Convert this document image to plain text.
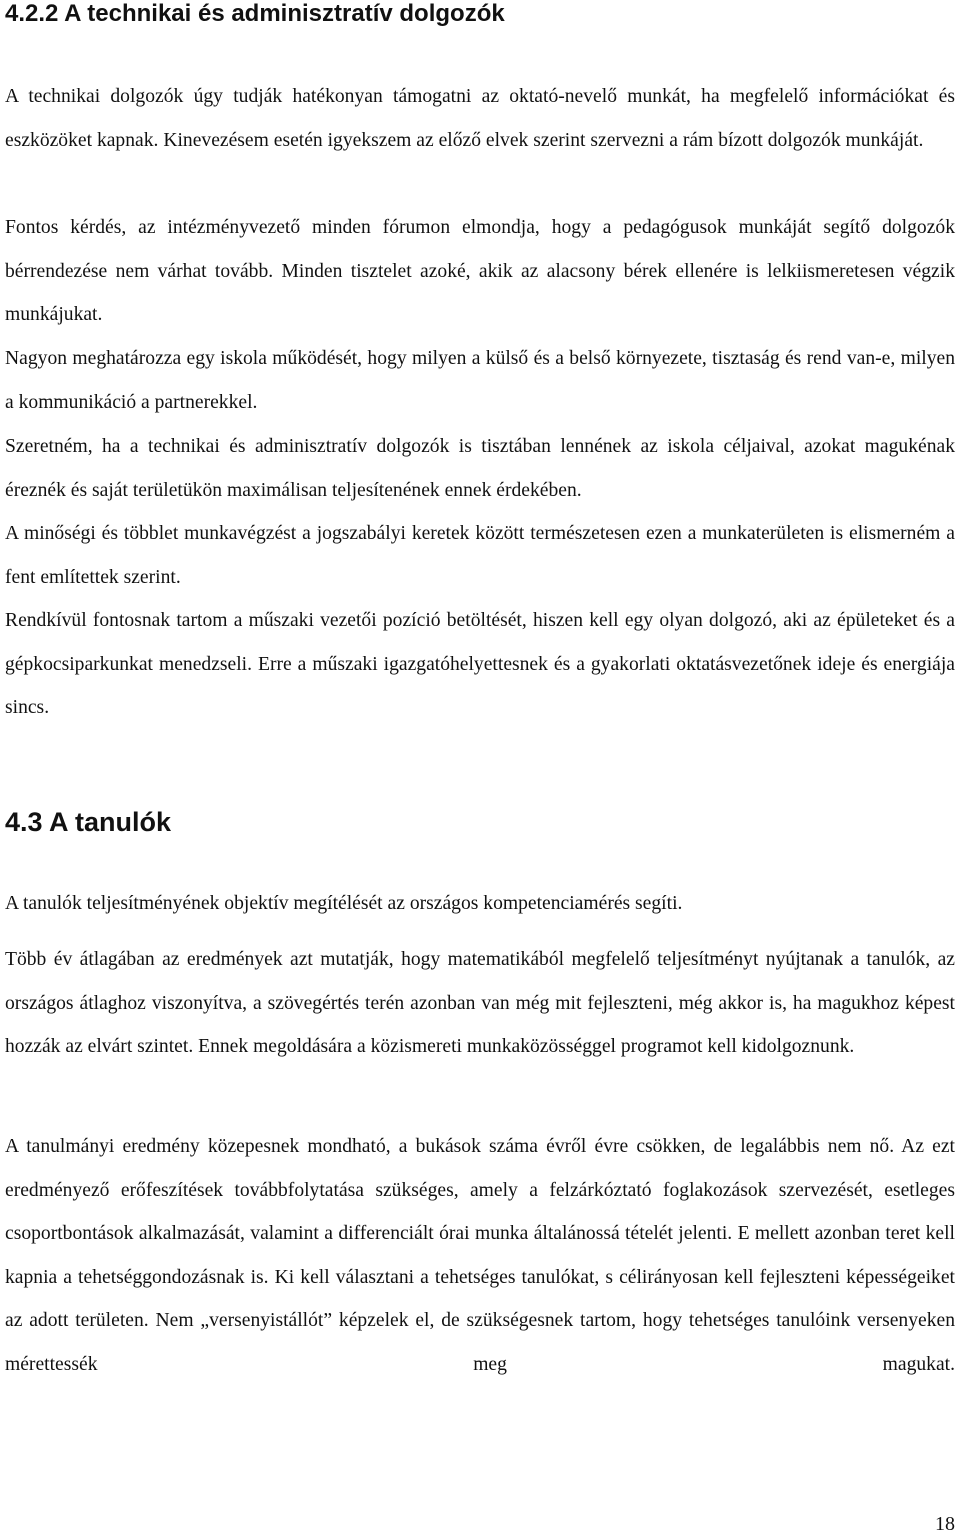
4.2.2 A technikai és adminisztratív dolgozók

A technikai dolgozók úgy tudják hatékonyan támogatni az oktató-nevelő munkát, ha megfelelő információkat és eszközöket kapnak. Kinevezésem esetén igyekszem az előző elvek szerint szervezni a rám bízott dolgozók munkáját.

Fontos kérdés, az intézményvezető minden fórumon elmondja, hogy a pedagógusok munkáját segítő dolgozók bérrendezése nem várhat tovább. Minden tisztelet azoké, akik az alacsony bérek ellenére is lelkiismeretesen végzik munkájukat.

Nagyon meghatározza egy iskola működését, hogy milyen a külső és a belső környezete, tisztaság és rend van-e, milyen a kommunikáció a partnerekkel.

Szeretném, ha a technikai és adminisztratív dolgozók is tisztában lennének az iskola céljaival, azokat magukénak éreznék és saját területükön maximálisan teljesítenének ennek érdekében.

A minőségi és többlet munkavégzést a jogszabályi keretek között természetesen ezen a munkaterületen is elismerném a fent említettek szerint.

Rendkívül fontosnak tartom a műszaki vezetői pozíció betöltését, hiszen kell egy olyan dolgozó, aki az épületeket és a gépkocsiparkunkat menedzseli. Erre a műszaki igazgatóhelyettesnek és a gyakorlati oktatásvezetőnek ideje és energiája sincs.

4.3 A tanulók

A tanulók teljesítményének objektív megítélését az országos kompetenciamérés segíti.

Több év átlagában az eredmények azt mutatják, hogy matematikából megfelelő teljesítményt nyújtanak a tanulók, az országos átlaghoz viszonyítva, a szövegértés terén azonban van még mit fejleszteni, még akkor is, ha magukhoz képest hozzák az elvárt szintet. Ennek megoldására a közismereti munkaközösséggel programot kell kidolgoznunk.

A tanulmányi eredmény közepesnek mondható, a bukások száma évről évre csökken, de legalábbis nem nő. Az ezt eredményező erőfeszítések továbbfolytatása szükséges, amely a felzárkóztató foglakozások szervezését, esetleges csoportbontások alkalmazását, valamint a differenciált órai munka általánossá tételét jelenti. E mellett azonban teret kell kapnia a tehetséggondozásnak is. Ki kell választani a tehetséges tanulókat, s célirányosan kell fejleszteni képességeiket az adott területen. Nem „versenyistállót” képzelek el, de szükségesnek tartom, hogy tehetséges tanulóink versenyeken mérettessék meg magukat.

18
